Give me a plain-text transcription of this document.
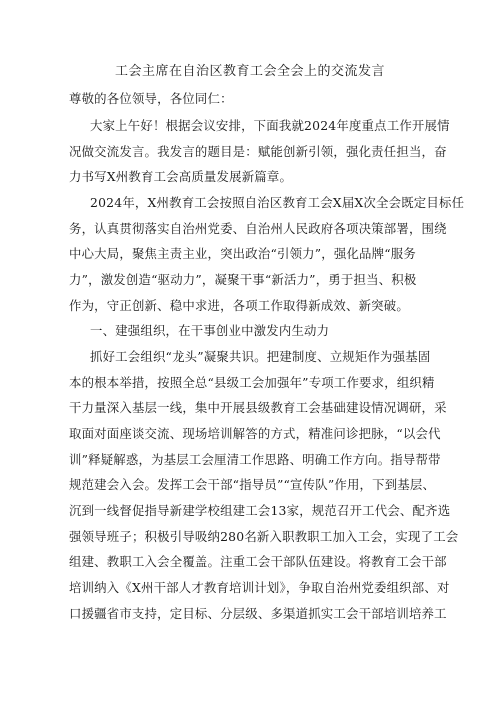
工会主席在自治区教育工会全会上的交流发言
尊敬的各位领导，各位同仁：
大家上午好！根据会议安排，下面我就2024年度重点工作开展情
况做交流发言。我发言的题目是：赋能创新引领，强化责任担当，奋
力书写X州教育工会高质量发展新篇章。
2024年，X州教育工会按照自治区教育工会X届X次全会既定目标任
务，认真贯彻落实自治州党委、自治州人民政府各项决策部署，围绕
中心大局，聚焦主责主业，突出政治“引领力”，强化品牌“服务
力”，激发创造“驱动力”，凝聚干事“新活力”，勇于担当、积极
作为，守正创新、稳中求进，各项工作取得新成效、新突破。
一、建强组织，在干事创业中激发内生动力
抓好工会组织“龙头”凝聚共识。把建制度、立规矩作为强基固
本的根本举措，按照全总“县级工会加强年”专项工作要求，组织精
干力量深入基层一线，集中开展县级教育工会基础建设情况调研，采
取面对面座谈交流、现场培训解答的方式，精准问诊把脉，“以会代
训”释疑解惑，为基层工会厘清工作思路、明确工作方向。指导帮带
规范建会入会。发挥工会干部“指导员”“宣传队”作用，下到基层、
沉到一线督促指导新建学校组建工会13家，规范召开工代会、配齐选
强领导班子；积极引导吸纳280名新入职教职工加入工会，实现了工会
组建、教职工入会全覆盖。注重工会干部队伍建设。将教育工会干部
培训纳入《X州干部人才教育培训计划》，争取自治州党委组织部、对
口援疆省市支持，定目标、分层级、多渠道抓实工会干部培训培养工
